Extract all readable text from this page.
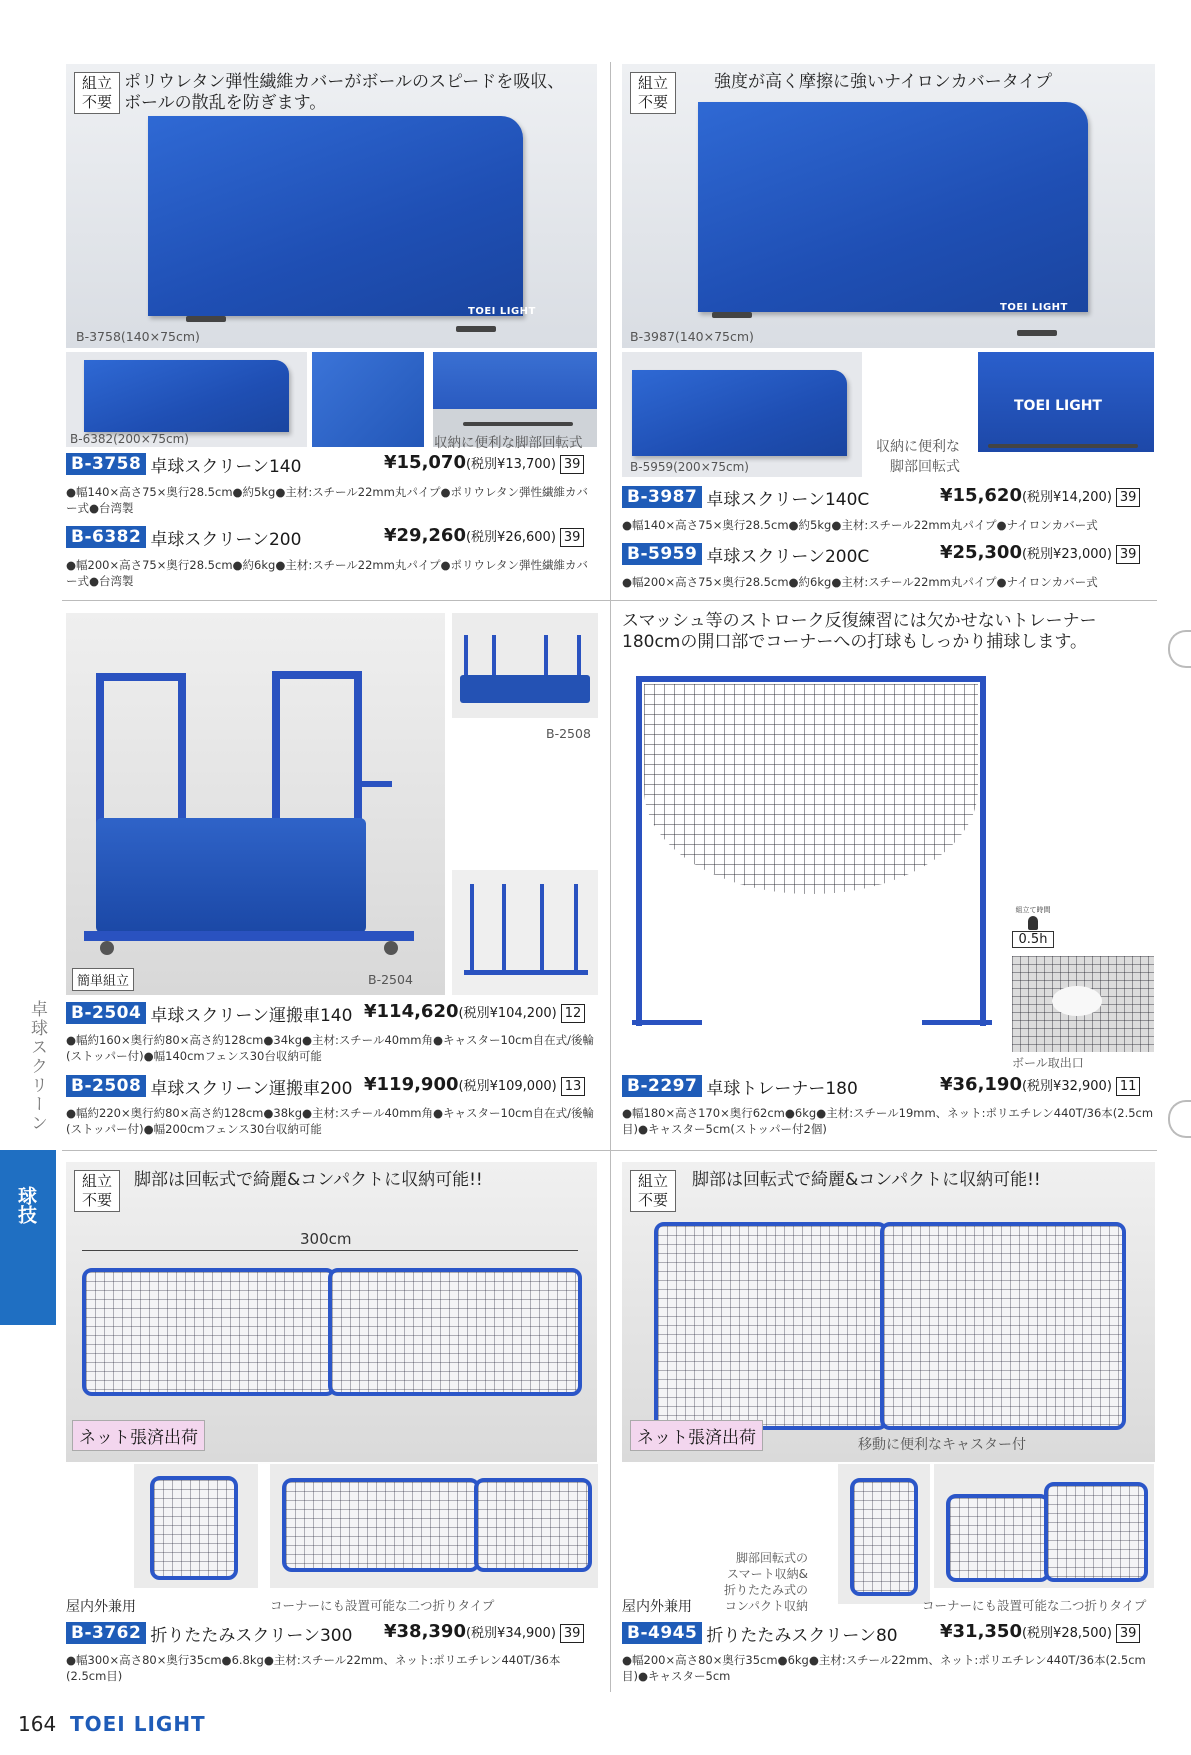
卓球スクリーン
球技
TOEI LIGHT
組立
不要
ポリウレタン弾性繊維カバーがボールのスピードを吸収、
ボールの散乱を防ぎます。
B-3758(140×75cm)
B-6382(200×75cm)	収納に便利な脚部回転式
B-3758 卓球スクリーン140	¥15,070(税別¥13,700) 39
●幅140×高さ75×奥行28.5cm●約5kg●主材:スチール22mm丸パイプ●ポリウレタン弾性繊維カバー式●台湾製
B-6382 卓球スクリーン200	¥29,260(税別¥26,600) 39
●幅200×高さ75×奥行28.5cm●約6kg●主材:スチール22mm丸パイプ●ポリウレタン弾性繊維カバー式●台湾製
TOEI LIGHT
組立
不要
強度が高く摩擦に強いナイロンカバータイプ
B-3987(140×75cm)
B-5959(200×75cm)
収納に便利な
脚部回転式
TOEI LIGHT
B-3987 卓球スクリーン140C	¥15,620(税別¥14,200) 39
●幅140×高さ75×奥行28.5cm●約5kg●主材:スチール22mm丸パイプ●ナイロンカバー式
B-5959 卓球スクリーン200C	¥25,300(税別¥23,000) 39
●幅200×高さ75×奥行28.5cm●約6kg●主材:スチール22mm丸パイプ●ナイロンカバー式
簡単組立	B-2504
B-2508
B-2504 卓球スクリーン運搬車140 ¥114,620(税別¥104,200) 12
●幅約160×奥行約80×高さ約128cm●34kg●主材:スチール40mm角●キャスター10cm自在式/後輪(ストッパー付)●幅140cmフェンス30台収納可能
B-2508 卓球スクリーン運搬車200 ¥119,900(税別¥109,000) 13
●幅約220×奥行約80×高さ約128cm●38kg●主材:スチール40mm角●キャスター10cm自在式/後輪(ストッパー付)●幅200cmフェンス30台収納可能
スマッシュ等のストローク反復練習には欠かせないトレーナー
180cmの開口部でコーナーへの打球もしっかり捕球します。
組立て時間
0.5h
ボール取出口
B-2297 卓球トレーナー180	¥36,190(税別¥32,900) 11
●幅180×高さ170×奥行62cm●6kg●主材:スチール19mm、ネット:ポリエチレン440T/36本(2.5cm目)●キャスター5cm(ストッパー付2個)
組立
不要
脚部は回転式で綺麗&コンパクトに収納可能!!
300cm
ネット張済出荷
屋内外兼用	コーナーにも設置可能な二つ折りタイプ
B-3762 折りたたみスクリーン300 ¥38,390(税別¥34,900) 39
●幅300×高さ80×奥行35cm●6.8kg●主材:スチール22mm、ネット:ポリエチレン440T/36本(2.5cm目)
組立
不要
脚部は回転式で綺麗&コンパクトに収納可能!!
ネット張済出荷	移動に便利なキャスター付
脚部回転式の
スマート収納&
折りたたみ式の
コンパクト収納
屋内外兼用	コーナーにも設置可能な二つ折りタイプ
B-4945 折りたたみスクリーン80 ¥31,350(税別¥28,500) 39
●幅200×高さ80×奥行35cm●6kg●主材:スチール22mm、ネット:ポリエチレン440T/36本(2.5cm目)●キャスター5cm
164 TOEI LIGHT
